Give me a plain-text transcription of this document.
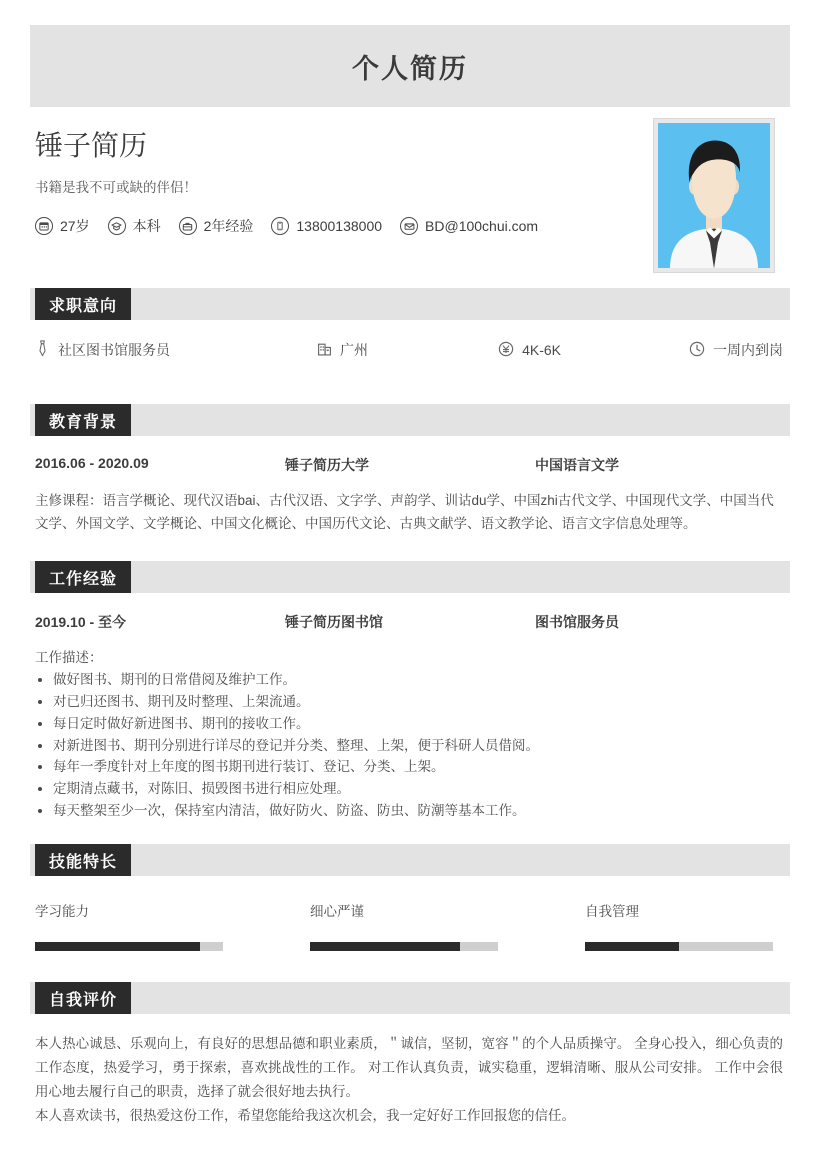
个人简历
锤子简历
书籍是我不可或缺的伴侣！
27岁	本科	2年经验	13800138000	BD@100chui.com
求职意向
社区图书馆服务员	广州	4K-6K	一周内到岗
教育背景
2016.06 - 2020.09	锤子简历大学	中国语言文学
主修课程：语言学概论、现代汉语bai、古代汉语、文字学、声韵学、训诂du学、中国zhi古代文学、中国现代文学、中国当代文学、外国文学、文学概论、中国文化概论、中国历代文论、古典文献学、语文教学论、语言文字信息处理等。
工作经验
2019.10 - 至今	锤子简历图书馆	图书馆服务员
工作描述：
做好图书、期刊的日常借阅及维护工作。
对已归还图书、期刊及时整理、上架流通。
每日定时做好新进图书、期刊的接收工作。
对新进图书、期刊分别进行详尽的登记并分类、整理、上架，便于科研人员借阅。
每年一季度针对上年度的图书期刊进行装订、登记、分类、上架。
定期清点藏书，对陈旧、损毁图书进行相应处理。
每天整架至少一次，保持室内清洁，做好防火、防盗、防虫、防潮等基本工作。
技能特长
学习能力	细心严谨	自我管理
自我评价
本人热心诚恳、乐观向上，有良好的思想品德和职业素质，＂诚信，坚韧，宽容＂的个人品质操守。 全身心投入，细心负责的工作态度，热爱学习，勇于探索，喜欢挑战性的工作。 对工作认真负责，诚实稳重，逻辑清晰、服从公司安排。 工作中会很用心地去履行自己的职责，选择了就会很好地去执行。
本人喜欢读书，很热爱这份工作，希望您能给我这次机会，我一定好好工作回报您的信任。
